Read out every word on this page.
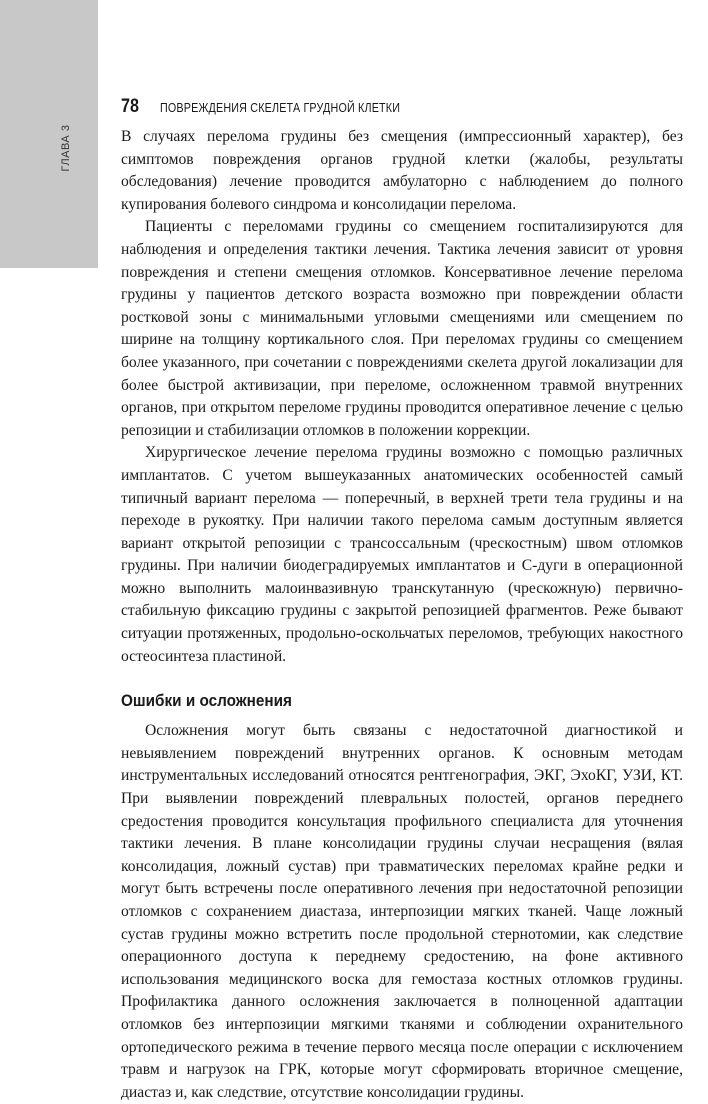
ГЛАВА 3
78 ПОВРЕЖДЕНИЯ СКЕЛЕТА ГРУДНОЙ КЛЕТКИ

В случаях перелома грудины без смещения (импрессионный характер), без симптомов повреждения органов грудной клетки (жалобы, результаты обследования) лечение проводится амбулаторно с наблюдением до полного купирования болевого синдрома и консолидации перелома.

Пациенты с переломами грудины со смещением госпитализируются для наблюдения и определения тактики лечения. Тактика лечения зависит от уровня повреждения и степени смещения отломков. Консервативное лечение перелома грудины у пациентов детского возраста возможно при повреждении области ростковой зоны с минимальными угловыми смещениями или смещением по ширине на толщину кортикального слоя. При переломах грудины со смещением более указанного, при сочетании с повреждениями скелета другой локализации для более быстрой активизации, при переломе, осложненном травмой внутренних органов, при открытом переломе грудины проводится оперативное лечение с целью репозиции и стабилизации отломков в положении коррекции.

Хирургическое лечение перелома грудины возможно с помощью различных имплантатов. С учетом вышеуказанных анатомических особенностей самый типичный вариант перелома — поперечный, в верхней трети тела грудины и на переходе в рукоятку. При наличии такого перелома самым доступным является вариант открытой репозиции с трансоссальным (чрескостным) швом отломков грудины. При наличии биодеградируемых имплантатов и С-дуги в операционной можно выполнить малоинвазивную транскутанную (чрескожную) первично-стабильную фиксацию грудины с закрытой репозицией фрагментов. Реже бывают ситуации протяженных, продольно-оскольчатых переломов, требующих накостного остеосинтеза пластиной.

Ошибки и осложнения

Осложнения могут быть связаны с недостаточной диагностикой и невыявлением повреждений внутренних органов. К основным методам инструментальных исследований относятся рентгенография, ЭКГ, ЭхоКГ, УЗИ, КТ. При выявлении повреждений плевральных полостей, органов переднего средостения проводится консультация профильного специалиста для уточнения тактики лечения. В плане консолидации грудины случаи несращения (вялая консолидация, ложный сустав) при травматических переломах крайне редки и могут быть встречены после оперативного лечения при недостаточной репозиции отломков с сохранением диастаза, интерпозиции мягких тканей. Чаще ложный сустав грудины можно встретить после продольной стернотомии, как следствие операционного доступа к переднему средостению, на фоне активного использования медицинского воска для гемостаза костных отломков грудины. Профилактика данного осложнения заключается в полноценной адаптации отломков без интерпозиции мягкими тканями и соблюдении охранительного ортопедического режима в течение первого месяца после операции с исключением травм и нагрузок на ГРК, которые могут сформировать вторичное смещение, диастаз и, как следствие, отсутствие консолидации грудины.
